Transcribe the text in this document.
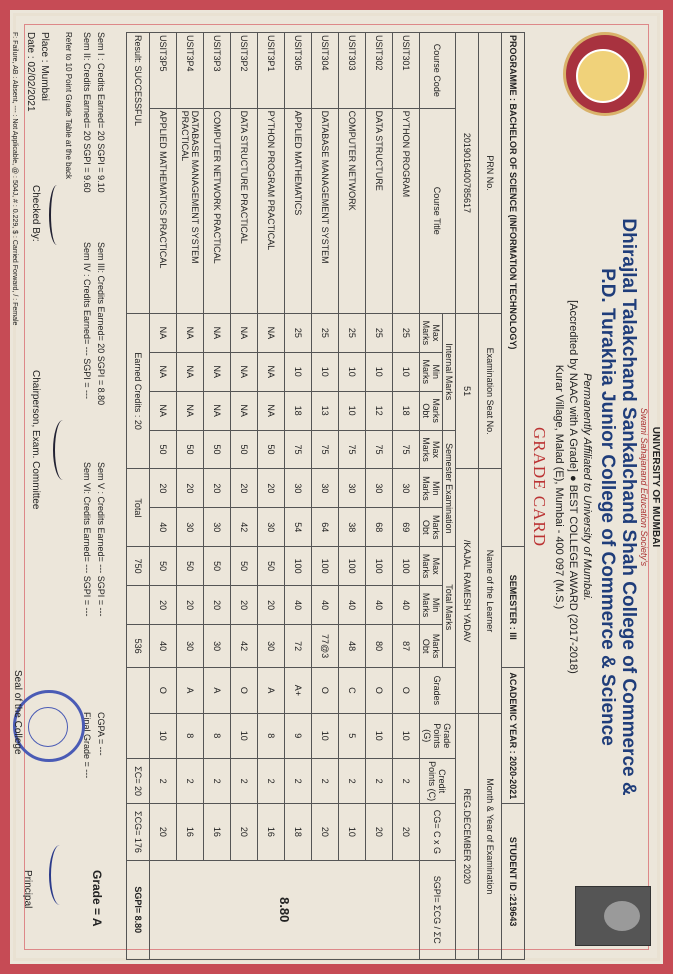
UNIVERSITY OF MUMBAI
Swami Sahajanand Education Society's
Dhirajlal Talakchand Sankalchand Shah College of Commerce &
P.D. Turakhia Junior College of Commerce & Science
Permanently Affiliated to University of Mumbai.
[Accredited by NAAC with A Grade] ● BEST COLLEGE AWARD (2017-2018)
Kurar Village, Malad (E), Mumbai - 400 097 (M.S.)
GRADE CARD
PROGRAMME : BACHELOR OF SCIENCE (INFORMATION TECHNOLOGY)								SEMESTER : III			ACADEMIC YEAR : 2020-2021			STUDENT ID :219643	
PRN No.		Examination Seat No.				Name of the Learner						Month & Year of Examination			
2019016400785617		51				/KAJAL RAMESH YADAV						REG.DECEMBER 2020			
Course Code	Course Title	Internal Marks			Semester Examination			Total Marks			Grades	Grade Points (G)	Credit Points (C)	CG= C x G	SGPI= ΣCG / ΣC
		Max Marks	Min Marks	Marks Obt	Max Marks	Min Marks	Marks Obt	Max Marks	Min Marks	Marks Obt					
USIT301	PYTHON PROGRAM	25	10	18	75	30	69	100	40	87	O	10	2	20	8.80
USIT302	DATA STRUCTURE	25	10	12	75	30	68	100	40	80	O	10	2	20	
USIT303	COMPUTER NETWORK	25	10	10	75	30	38	100	40	48	C	5	2	10	
USIT304	DATABASE MANAGEMENT SYSTEM	25	10	13	75	30	64	100	40	77@3	O	10	2	20	
USIT305	APPLIED MATHEMATICS	25	10	18	75	30	54	100	40	72	A+	9	2	18	
USIT3P1	PYTHON PROGRAM PRACTICAL	NA	NA	NA	50	20	30	50	20	30	A	8	2	16	
USIT3P2	DATA STRUCTURE PRACTICAL	NA	NA	NA	50	20	42	50	20	42	O	10	2	20	
USIT3P3	COMPUTER NETWORK PRACTICAL	NA	NA	NA	50	20	30	50	20	30	A	8	2	16	
USIT3P4	DATABASE MANAGEMENT SYSTEM PRACTICAL	NA	NA	NA	50	20	30	50	20	30	A	8	2	16	
USIT3P5	APPLIED MATHEMATICS PRACTICAL	NA	NA	NA	50	20	40	50	20	40	O	10	2	20	
Result: SUCCESSFUL		Earned Credits : 20				Total		750		536			ΣC= 20	ΣCG= 176	SGPI= 8.80
Sem I : Credits Earned= 20 SGPI = 9.10
Sem II: Credits Earned= 20 SGPI = 9.60
Sem III: Credits Earned= 20 SGPI = 8.80
Sem IV : Credits Earned= --- SGPI = ---
Sem V : Credits Earned= --- SGPI = ---
Sem VI: Credits Earned= --- SGPI = ---
CGPA = ---
Final Grade = ---
Grade = A
Refer to 10 Point Grade Table at the back
Place : Mumbai
Date : 02/02/2021
F: Failure, AB : Absent, --- : Not Applicable, @ : 504J, # : 0.229, $ : Carried Forward, / : Female Checked By:
Chairperson, Exam. Committee
Seal of the College
Principal
